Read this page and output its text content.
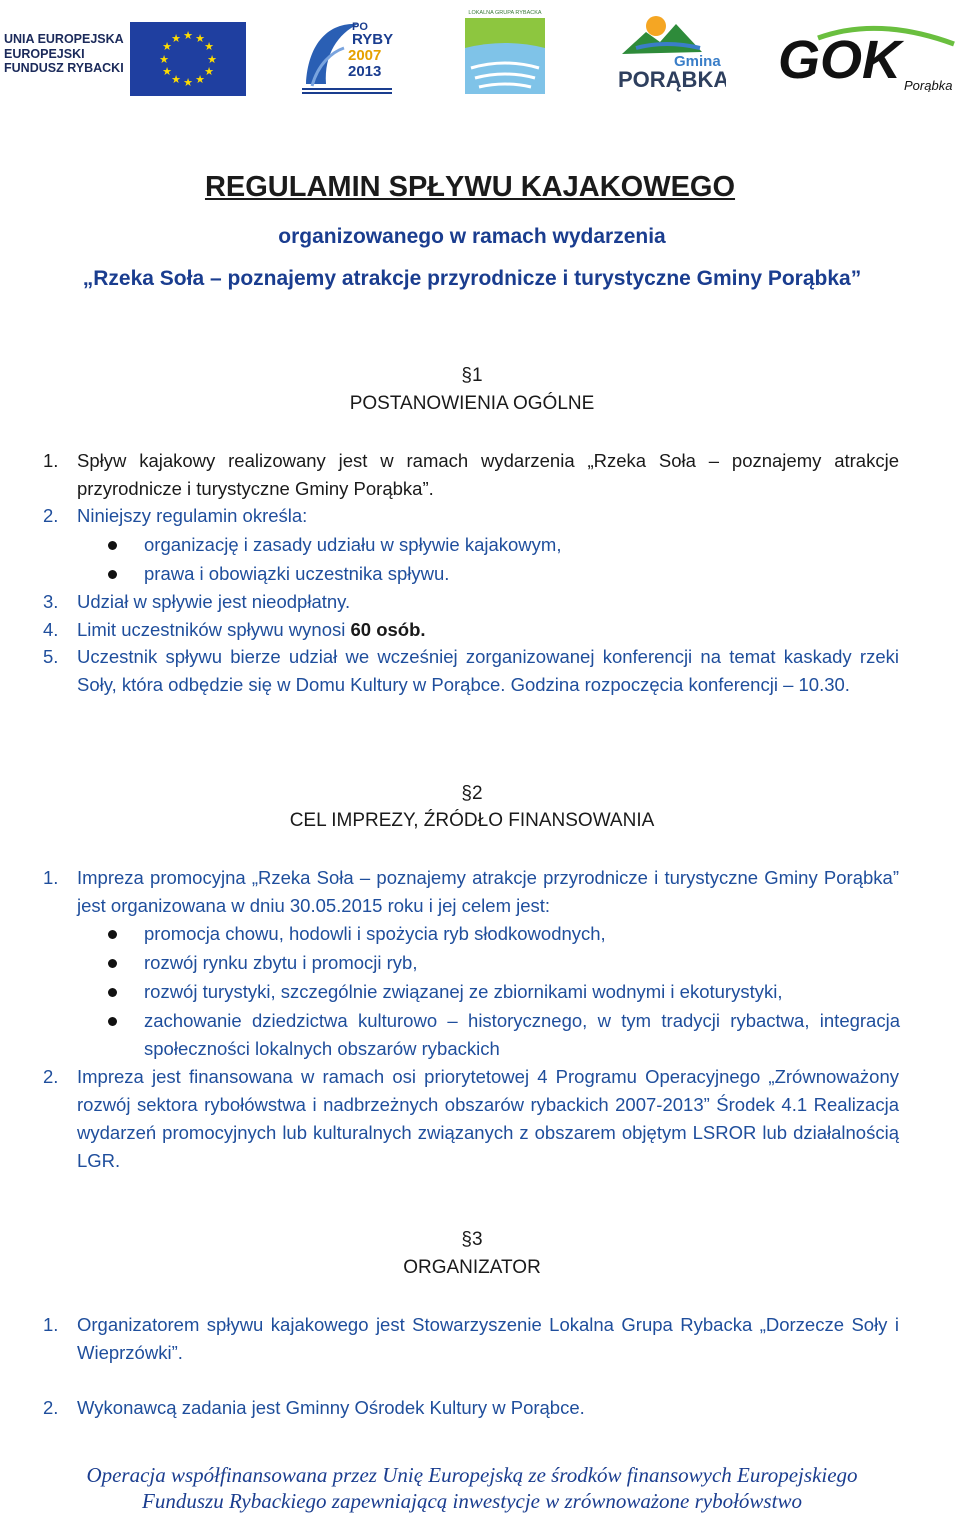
UNIA EUROPEJSKA
EUROPEJSKI
FUNDUSZ RYBACKI
★ ★
★
★
★
★
★
★
★
★
★
★
PO
RYBY
2007
2013
LOKALNA GRUPA RYBACKA
Gmina
PORĄBKA GOK Porąbka
REGULAMIN SPŁYWU KAJAKOWEGO
organizowanego w ramach wydarzenia
„Rzeka Soła – poznajemy atrakcje przyrodnicze i turystyczne Gminy Porąbka”
§1
POSTANOWIENIA OGÓLNE
1.	Spływ kajakowy realizowany jest w ramach wydarzenia „Rzeka Soła – poznajemy atrakcje przyrodnicze i turystyczne Gminy Porąbka”.
2.	Niniejszy regulamin określa:
organizację i zasady udziału w spływie kajakowym,
prawa i obowiązki uczestnika spływu.
3.	Udział w spływie jest nieodpłatny.
4.	Limit uczestników spływu wynosi 60 osób.
5.	Uczestnik spływu bierze udział we wcześniej zorganizowanej konferencji na temat kaskady rzeki Soły, która odbędzie się w Domu Kultury w Porąbce. Godzina rozpoczęcia konferencji – 10.30.
§2
CEL IMPREZY, ŹRÓDŁO FINANSOWANIA
1.	Impreza promocyjna „Rzeka Soła – poznajemy atrakcje przyrodnicze i turystyczne Gminy Porąbka” jest organizowana w dniu 30.05.2015 roku i jej celem jest:
promocja chowu, hodowli i spożycia ryb słodkowodnych,
rozwój rynku zbytu i promocji ryb,
rozwój turystyki, szczególnie związanej ze zbiornikami wodnymi i ekoturystyki,
zachowanie dziedzictwa kulturowo – historycznego, w tym tradycji rybactwa, integracja społeczności lokalnych obszarów rybackich
2.	Impreza jest finansowana w ramach osi priorytetowej 4 Programu Operacyjnego „Zrównoważony rozwój sektora rybołówstwa i nadbrzeżnych obszarów rybackich 2007-2013” Środek 4.1 Realizacja wydarzeń promocyjnych lub kulturalnych związanych z obszarem objętym LSROR lub działalnością LGR.
§3
ORGANIZATOR
1.	Organizatorem spływu kajakowego jest Stowarzyszenie Lokalna Grupa Rybacka „Dorzecze Soły i Wieprzówki”.
2.	Wykonawcą zadania jest Gminny Ośrodek Kultury w Porąbce.
Operacja współfinansowana przez Unię Europejską ze środków finansowych Europejskiego
Funduszu Rybackiego zapewniającą inwestycje w zrównoważone rybołówstwo
